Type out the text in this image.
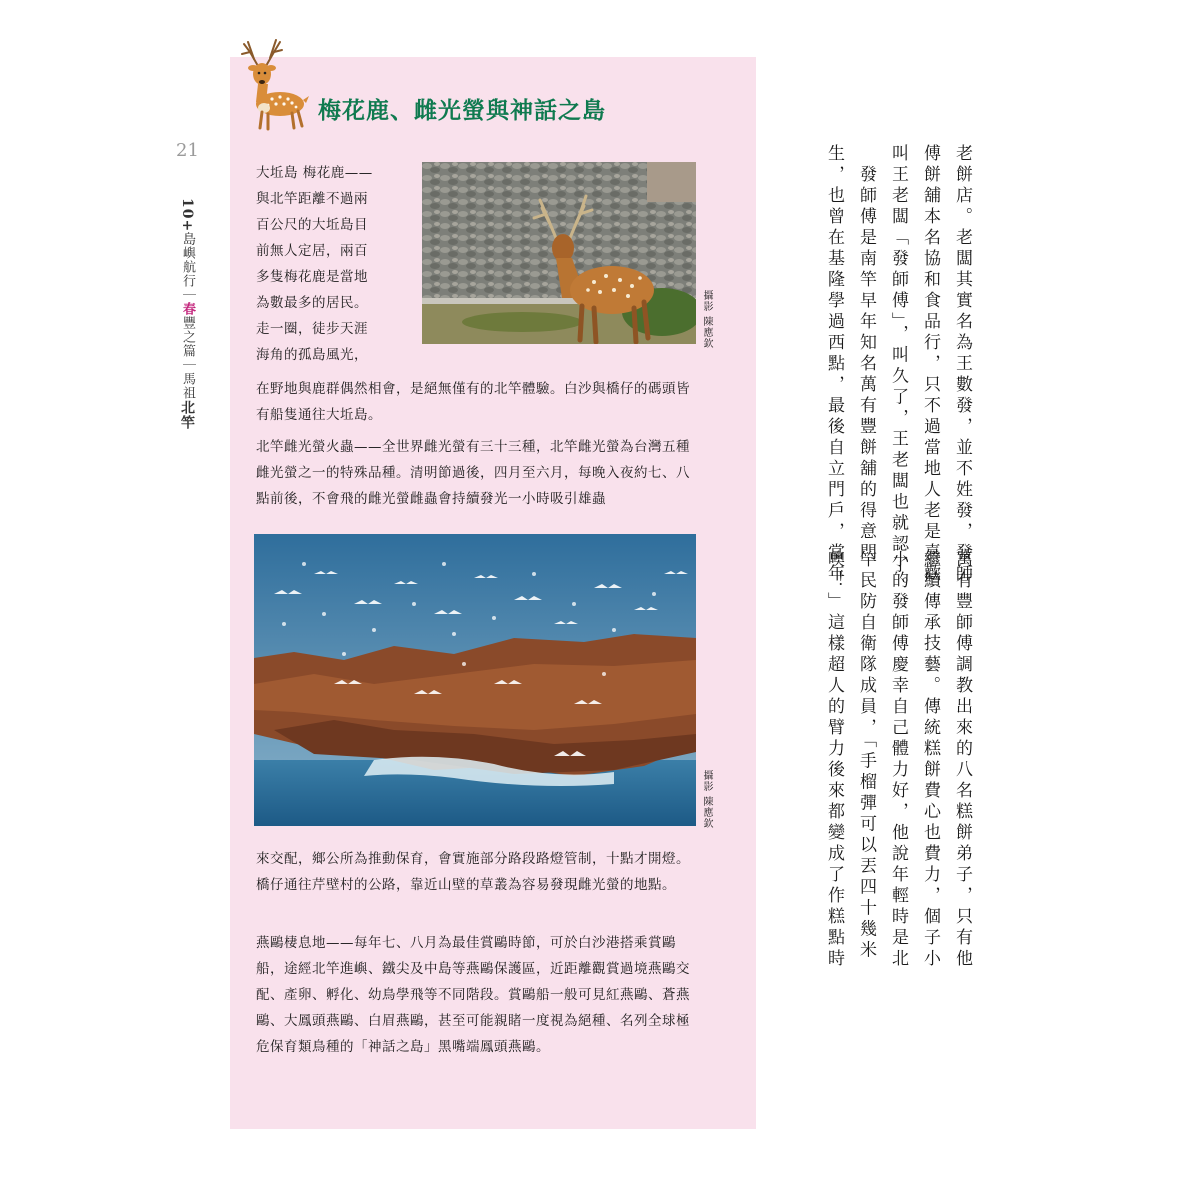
21
10+島嶼航行｜春豐之篇｜馬祖北竿
梅花鹿、雌光螢與神話之島
大坵島 梅花鹿——
與北竿距離不過兩
百公尺的大坵島目
前無人定居，兩百
多隻梅花鹿是當地
為數最多的居民。
走一圈，徒步天涯
海角的孤島風光，
攝影 陳應欽
在野地與鹿群偶然相會，是絕無僅有的北竿體驗。白沙與橋仔的碼頭皆有船隻通往大坵島。
北竿雌光螢火蟲——全世界雌光螢有三十三種，北竿雌光螢為台灣五種雌光螢之一的特殊品種。清明節過後，四月至六月，每晚入夜約七、八點前後，不會飛的雌光螢雌蟲會持續發光一小時吸引雄蟲
攝影 陳應欽
來交配，鄉公所為推動保育，會實施部分路段路燈管制，十點才開燈。橋仔通往芹壁村的公路，靠近山壁的草叢為容易發現雌光螢的地點。
燕鷗棲息地——每年七、八月為最佳賞鷗時節，可於白沙港搭乘賞鷗船，途經北竿進嶼、鐵尖及中島等燕鷗保護區，近距離觀賞過境燕鷗交配、產卵、孵化、幼鳥學飛等不同階段。賞鷗船一般可見紅燕鷗、蒼燕鷗、大鳳頭燕鷗、白眉燕鷗，甚至可能親睹一度視為絕種、名列全球極危保育類鳥種的「神話之島」黑嘴端鳳頭燕鷗。
老餅店。老闆其實名為王數發，並不姓發，發師
傅餅舖本名協和食品行，只不過當地人老是喜歡
叫王老闆「發師傅」，叫久了，王老闆也就認了。
　發師傅是南竿早年知名萬有豐餅舖的得意門
生，也曾在基隆學過西點，最後自立門戶，當年
萬有豐師傅調教出來的八名糕餅弟子，只有他
繼續傳承技藝。傳統糕餅費心也費力，個子小
小的發師傅慶幸自己體力好，他說年輕時是北
竿民防自衛隊成員，「手榴彈可以丟四十幾米
噢！」這樣超人的臂力後來都變成了作糕點時
